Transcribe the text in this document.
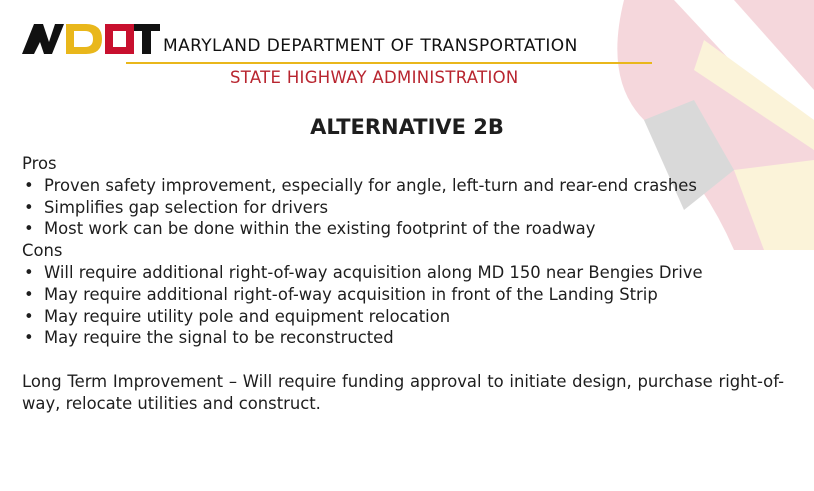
MARYLAND DEPARTMENT OF TRANSPORTATION
STATE HIGHWAY ADMINISTRATION
ALTERNATIVE 2B

Pros

• Proven safety improvement, especially for angle, left-turn and rear-end crashes
• Simplifies gap selection for drivers
• Most work can be done within the existing footprint of the roadway

Cons

• Will require additional right-of-way acquisition along MD 150 near Bengies Drive
• May require additional right-of-way acquisition in front of the Landing Strip
• May require utility pole and equipment relocation
• May require the signal to be reconstructed

Long Term Improvement – Will require funding approval to initiate design, purchase right-of-way, relocate utilities and construct.
